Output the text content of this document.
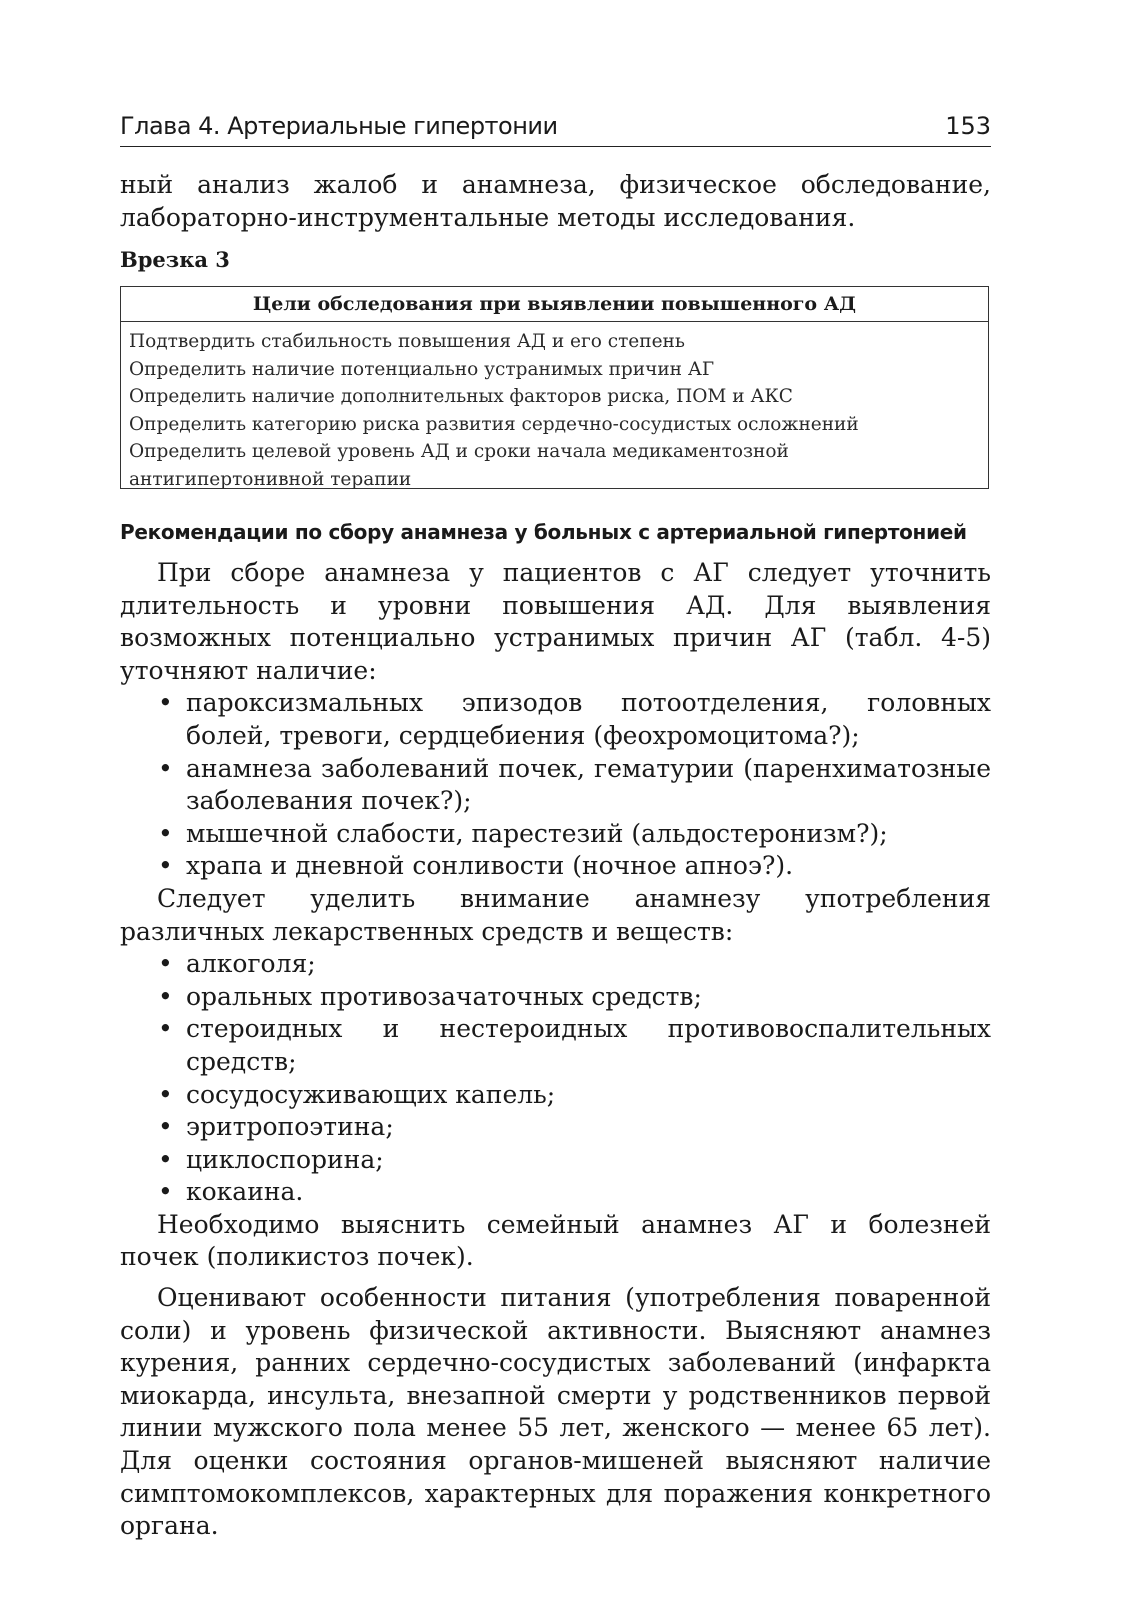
Глава 4. Артериальные гипертонии	153
ный анализ жалоб и анамнеза, физическое обследование, лабораторно-инструментальные методы исследования.
Врезка 3
Цели обследования при выявлении повышенного АД
Подтвердить стабильность повышения АД и его степень
Определить наличие потенциально устранимых причин АГ
Определить наличие дополнительных факторов риска, ПОМ и АКС
Определить категорию риска развития сердечно-сосудистых осложнений
Определить целевой уровень АД и сроки начала медикаментозной антигипертонивной терапии
Рекомендации по сбору анамнеза у больных с артериальной гипертонией

При сборе анамнеза у пациентов с АГ следует уточнить длительность и уровни повышения АД. Для выявления возможных потенциально устранимых причин АГ (табл. 4-5) уточняют наличие:

• пароксизмальных эпизодов потоотделения, головных болей, тревоги, сердцебиения (феохромоцитома?);
• анамнеза заболеваний почек, гематурии (паренхиматозные заболевания почек?);
• мышечной слабости, парестезий (альдостеронизм?);
• храпа и дневной сонливости (ночное апноэ?).

Следует уделить внимание анамнезу употребления различных лекарственных средств и веществ:

• алкоголя;
• оральных противозачаточных средств;
• стероидных и нестероидных противовоспалительных средств;
• сосудосуживающих капель;
• эритропоэтина;
• циклоспорина;
• кокаина.

Необходимо выяснить семейный анамнез АГ и болезней почек (поликистоз почек).

Оценивают особенности питания (употребления поваренной соли) и уровень физической активности. Выясняют анамнез курения, ранних сердечно-сосудистых заболеваний (инфаркта миокарда, инсульта, внезапной смерти у родственников первой линии мужского пола менее 55 лет, женского — менее 65 лет). Для оценки состояния органов-мишеней выясняют наличие симптомокомплексов, характерных для поражения конкретного органа.
